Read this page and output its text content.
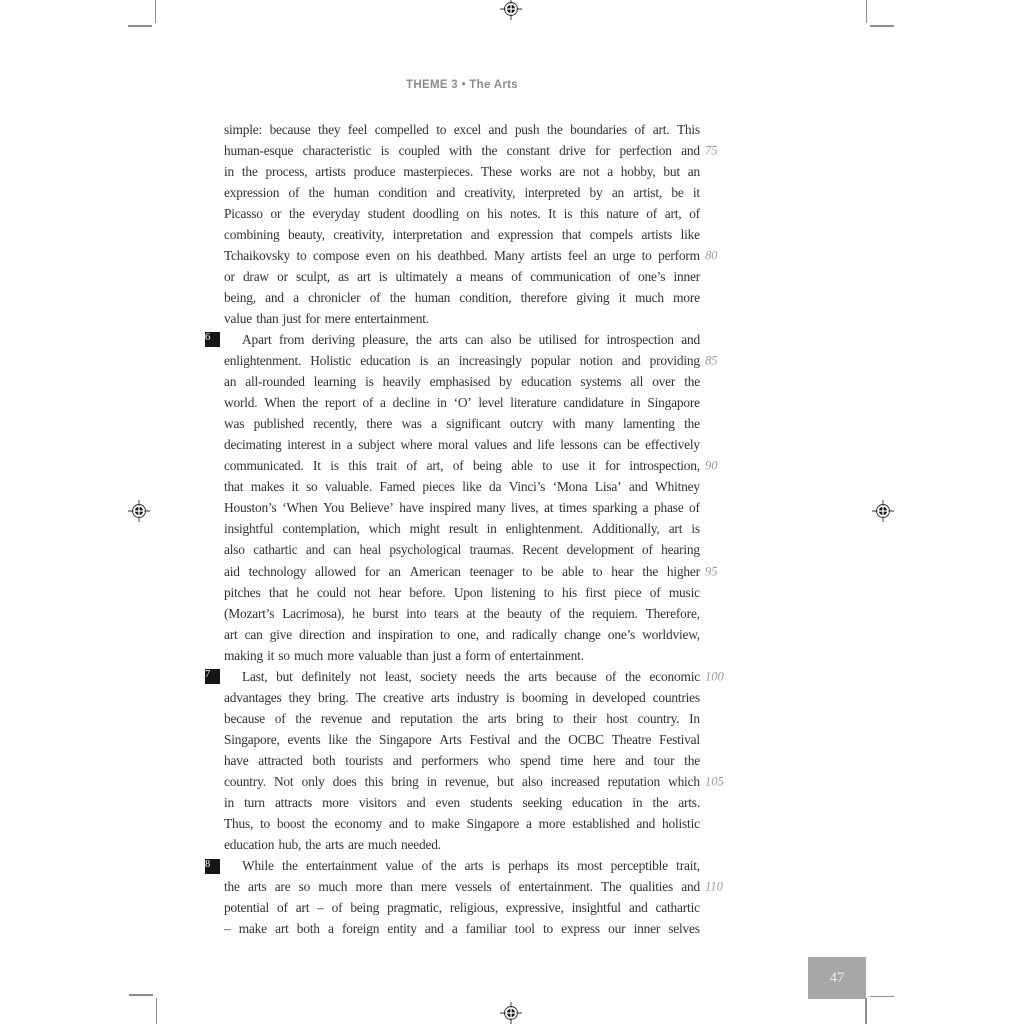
THEME 3 • The Arts
simple: because they feel compelled to excel and push the boundaries of art. This
human-esque characteristic is coupled with the constant drive for perfection and 75
in the process, artists produce masterpieces. These works are not a hobby, but an
expression of the human condition and creativity, interpreted by an artist, be it
Picasso or the everyday student doodling on his notes. It is this nature of art, of
combining beauty, creativity, interpretation and expression that compels artists like
Tchaikovsky to compose even on his deathbed. Many artists feel an urge to perform 80
or draw or sculpt, as art is ultimately a means of communication of one’s inner
being, and a chronicler of the human condition, therefore giving it much more
value than just for mere entertainment.
Apart from deriving pleasure, the arts can also be utilised for introspection and
6
enlightenment. Holistic education is an increasingly popular notion and providing 85
an all-rounded learning is heavily emphasised by education systems all over the
world. When the report of a decline in ‘O’ level literature candidature in Singapore
was published recently, there was a significant outcry with many lamenting the
decimating interest in a subject where moral values and life lessons can be effectively
communicated. It is this trait of art, of being able to use it for introspection, 90
that makes it so valuable. Famed pieces like da Vinci’s ‘Mona Lisa’ and Whitney
Houston’s ‘When You Believe’ have inspired many lives, at times sparking a phase of
insightful contemplation, which might result in enlightenment. Additionally, art is
also cathartic and can heal psychological traumas. Recent development of hearing
aid technology allowed for an American teenager to be able to hear the higher 95
pitches that he could not hear before. Upon listening to his first piece of music
(Mozart’s Lacrimosa), he burst into tears at the beauty of the requiem. Therefore,
art can give direction and inspiration to one, and radically change one’s worldview,
making it so much more valuable than just a form of entertainment.
Last, but definitely not least, society needs the arts because of the economic
7	100
advantages they bring. The creative arts industry is booming in developed countries
because of the revenue and reputation the arts bring to their host country. In
Singapore, events like the Singapore Arts Festival and the OCBC Theatre Festival
have attracted both tourists and performers who spend time here and tour the
country. Not only does this bring in revenue, but also increased reputation which 105
in turn attracts more visitors and even students seeking education in the arts.
Thus, to boost the economy and to make Singapore a more established and holistic
education hub, the arts are much needed.
While the entertainment value of the arts is perhaps its most perceptible trait,
8
the arts are so much more than mere vessels of entertainment. The qualities and 110
potential of art – of being pragmatic, religious, expressive, insightful and cathartic
– make art both a foreign entity and a familiar tool to express our inner selves
47
